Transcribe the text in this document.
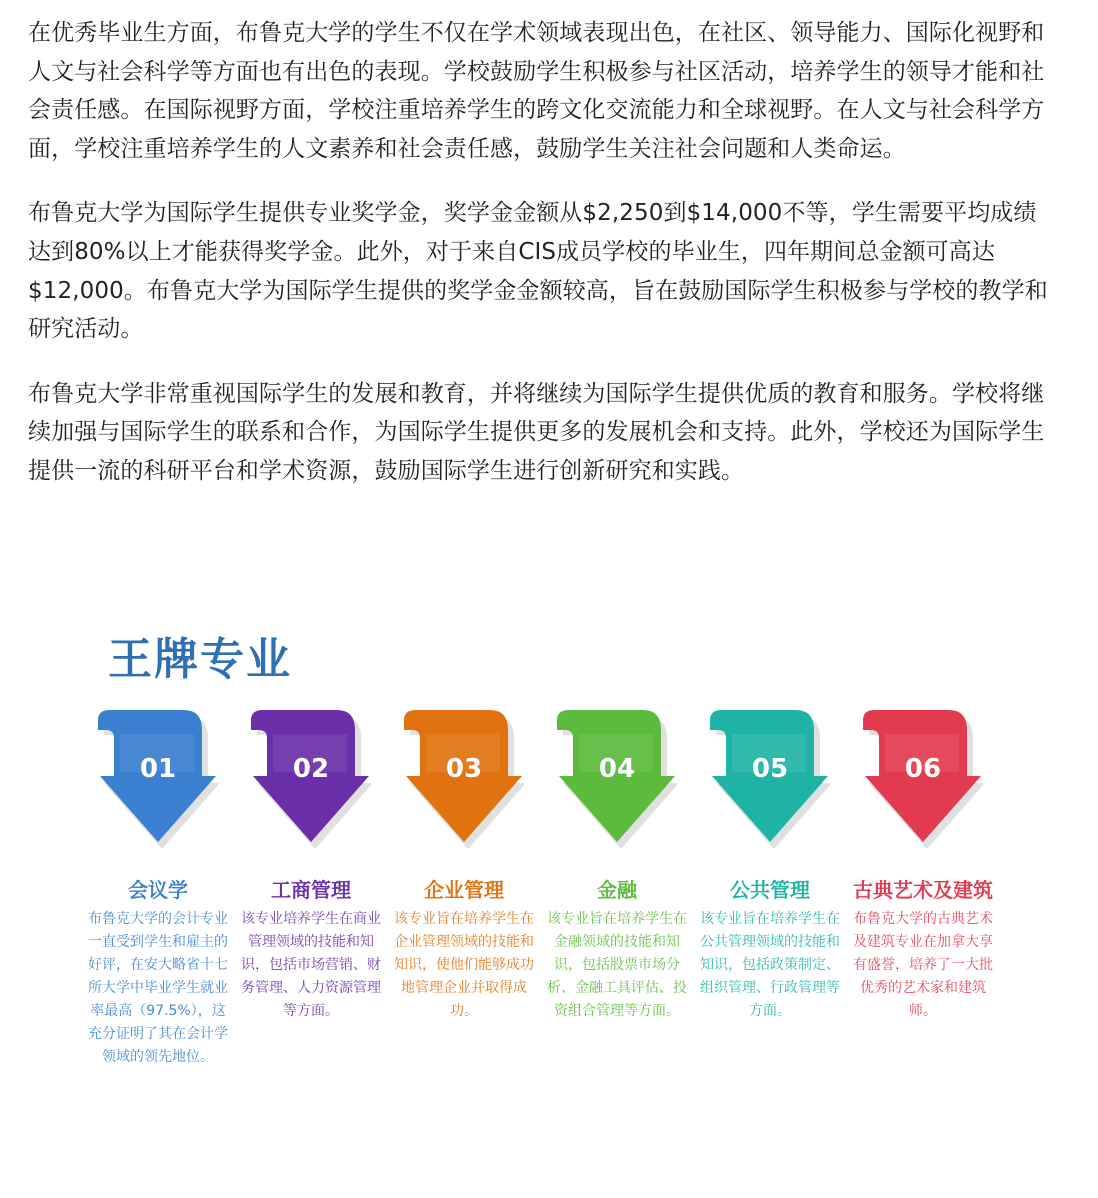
在优秀毕业生方面，布鲁克大学的学生不仅在学术领域表现出色，在社区、领导能力、国际化视野和人文与社会科学等方面也有出色的表现。学校鼓励学生积极参与社区活动，培养学生的领导才能和社会责任感。在国际视野方面，学校注重培养学生的跨文化交流能力和全球视野。在人文与社会科学方面，学校注重培养学生的人文素养和社会责任感，鼓励学生关注社会问题和人类命运。

布鲁克大学为国际学生提供专业奖学金，奖学金金额从$2,250到$14,000不等，学生需要平均成绩达到80%以上才能获得奖学金。此外，对于来自CIS成员学校的毕业生，四年期间总金额可高达$12,000。布鲁克大学为国际学生提供的奖学金金额较高，旨在鼓励国际学生积极参与学校的教学和研究活动。

布鲁克大学非常重视国际学生的发展和教育，并将继续为国际学生提供优质的教育和服务。学校将继续加强与国际学生的联系和合作，为国际学生提供更多的发展机会和支持。此外，学校还为国际学生提供一流的科研平台和学术资源，鼓励国际学生进行创新研究和实践。

王牌专业
01
会议学
布鲁克大学的会计专业一直受到学生和雇主的好评，在安大略省十七所大学中毕业学生就业率最高（97.5%），这充分证明了其在会计学领域的领先地位。
02
工商管理
该专业培养学生在商业管理领域的技能和知识，包括市场营销、财务管理、人力资源管理等方面。
03
企业管理
该专业旨在培养学生在企业管理领域的技能和知识，使他们能够成功地管理企业并取得成功。
04
金融
该专业旨在培养学生在金融领域的技能和知识，包括股票市场分析、金融工具评估、投资组合管理等方面。
05
公共管理
该专业旨在培养学生在公共管理领域的技能和知识，包括政策制定、组织管理、行政管理等方面。
06
古典艺术及建筑
布鲁克大学的古典艺术及建筑专业在加拿大享有盛誉，培养了一大批优秀的艺术家和建筑师。
